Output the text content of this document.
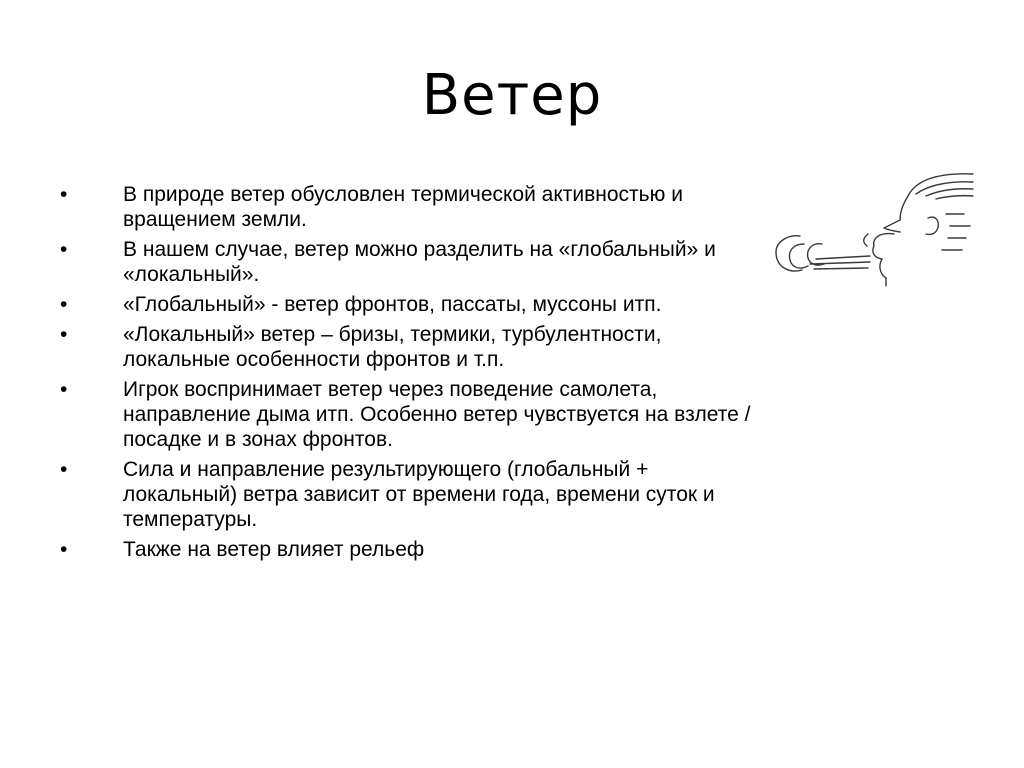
Ветер
•	В природе ветер обусловлен термической активностью и вращением земли.
•	В нашем случае, ветер можно разделить на «глобальный» и «локальный».
•	«Глобальный» - ветер фронтов, пассаты, муссоны итп.
•	«Локальный» ветер – бризы, термики, турбулентности, локальные особенности фронтов и т.п.
•	Игрок воспринимает ветер через поведение самолета, направление дыма итп. Особенно ветер чувствуется на взлете / посадке и в зонах фронтов.
•	Сила и направление результирующего (глобальный + локальный) ветра зависит от времени года, времени суток и температуры.
•	Также на ветер влияет рельеф
